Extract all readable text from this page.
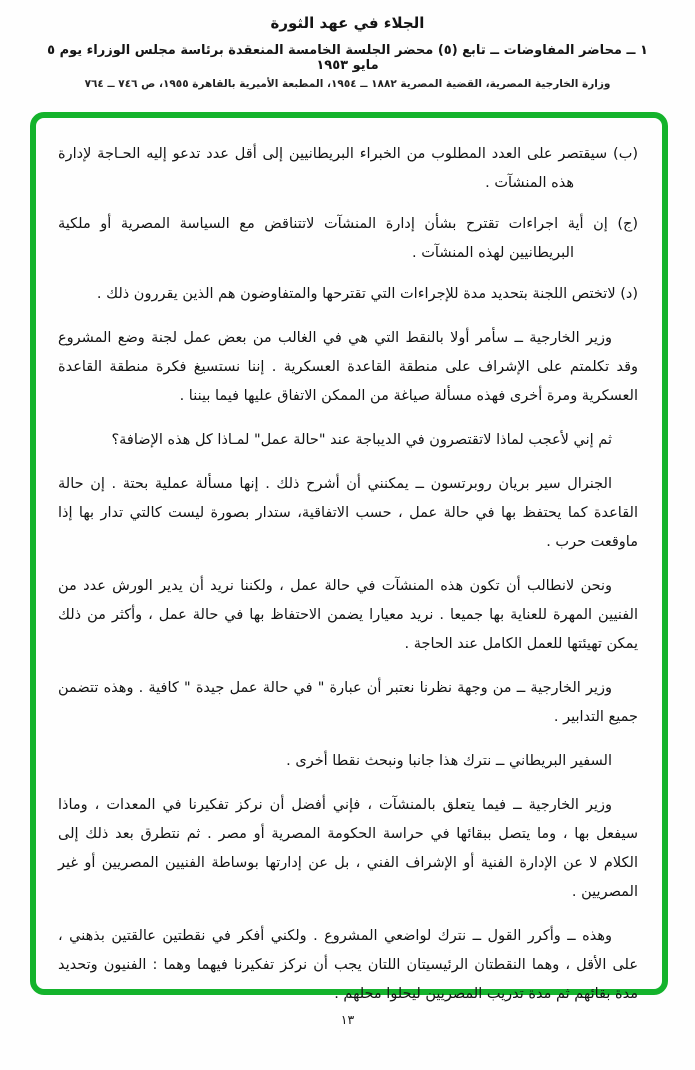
الجلاء في عهد الثورة
١ ــ محاضر المفاوضات ــ تابع (٥) محضر الجلسة الخامسة المنعقدة برئاسة مجلس الوزراء يوم ٥ مايو ١٩٥٣
وزارة الخارجية المصرية، القضية المصرية ١٨٨٢ ــ ١٩٥٤، المطبعة الأميرية بالقاهرة ١٩٥٥، ص ٧٤٦ ــ ٧٦٤

(ب) سيقتصر على العدد المطلوب من الخبراء البريطانيين إلى أقل عدد تدعو إليه الحـاجة لإدارة هذه المنشآت .

(ج) إن أية اجراءات تقترح بشأن إدارة المنشآت لاتتناقض مع السياسة المصرية أو ملكية البريطانيين لهذه المنشآت .

(د) لاتختص اللجنة بتحديد مدة للإجراءات التي تقترحها والمتفاوضون هم الذين يقررون ذلك .

وزير الخارجية ــ سأمر أولا بالنقط التي هي في الغالب من بعض عمل لجنة وضع المشروع وقد تكلمتم على الإشراف على منطقة القاعدة العسكرية . إننا نستسيغ فكرة منطقة القاعدة العسكرية ومرة أخرى فهذه مسألة صياغة من الممكن الاتفاق عليها فيما بيننا .

ثم إني لأعجب لماذا لاتقتصرون في الديباجة عند "حالة عمل" لمـاذا كل هذه الإضافة؟

الجنرال سير بريان روبرتسون ــ يمكنني أن أشرح ذلك . إنها مسألة عملية بحتة . إن حالة القاعدة كما يحتفظ بها في حالة عمل ، حسب الاتفاقية، ستدار بصورة ليست كالتي تدار بها إذا ماوقعت حرب .

ونحن لانطالب أن تكون هذه المنشآت في حالة عمل ، ولكننا نريد أن يدير الورش عدد من الفنيين المهرة للعناية بها جميعا . نريد معيارا يضمن الاحتفاظ بها في حالة عمل ، وأكثر من ذلك يمكن تهيئتها للعمل الكامل عند الحاجة .

وزير الخارجية ــ من وجهة نظرنا نعتبر أن عبارة " في حالة عمل جيدة " كافية . وهذه تتضمن جميع التدابير .

السفير البريطاني ــ نترك هذا جانبا ونبحث نقطا أخرى .

وزير الخارجية ــ فيما يتعلق بالمنشآت ، فإني أفضل أن نركز تفكيرنا في المعدات ، وماذا سيفعل بها ، وما يتصل ببقائها في حراسة الحكومة المصرية أو مصر . ثم نتطرق بعد ذلك إلى الكلام لا عن الإدارة الفنية أو الإشراف الفني ، بل عن إدارتها بوساطة الفنيين المصريين أو غير المصريين .

وهذه ــ وأكرر القول ــ نترك لواضعي المشروع . ولكني أفكر في نقطتين عالقتين بذهني ، على الأقل ، وهما النقطتان الرئيسيتان اللتان يجب أن نركز تفكيرنا فيهما وهما : الفنيون وتحديد مدة بقائهم ثم مدة تدريب المصريين ليحلوا محلهم .

١٣
